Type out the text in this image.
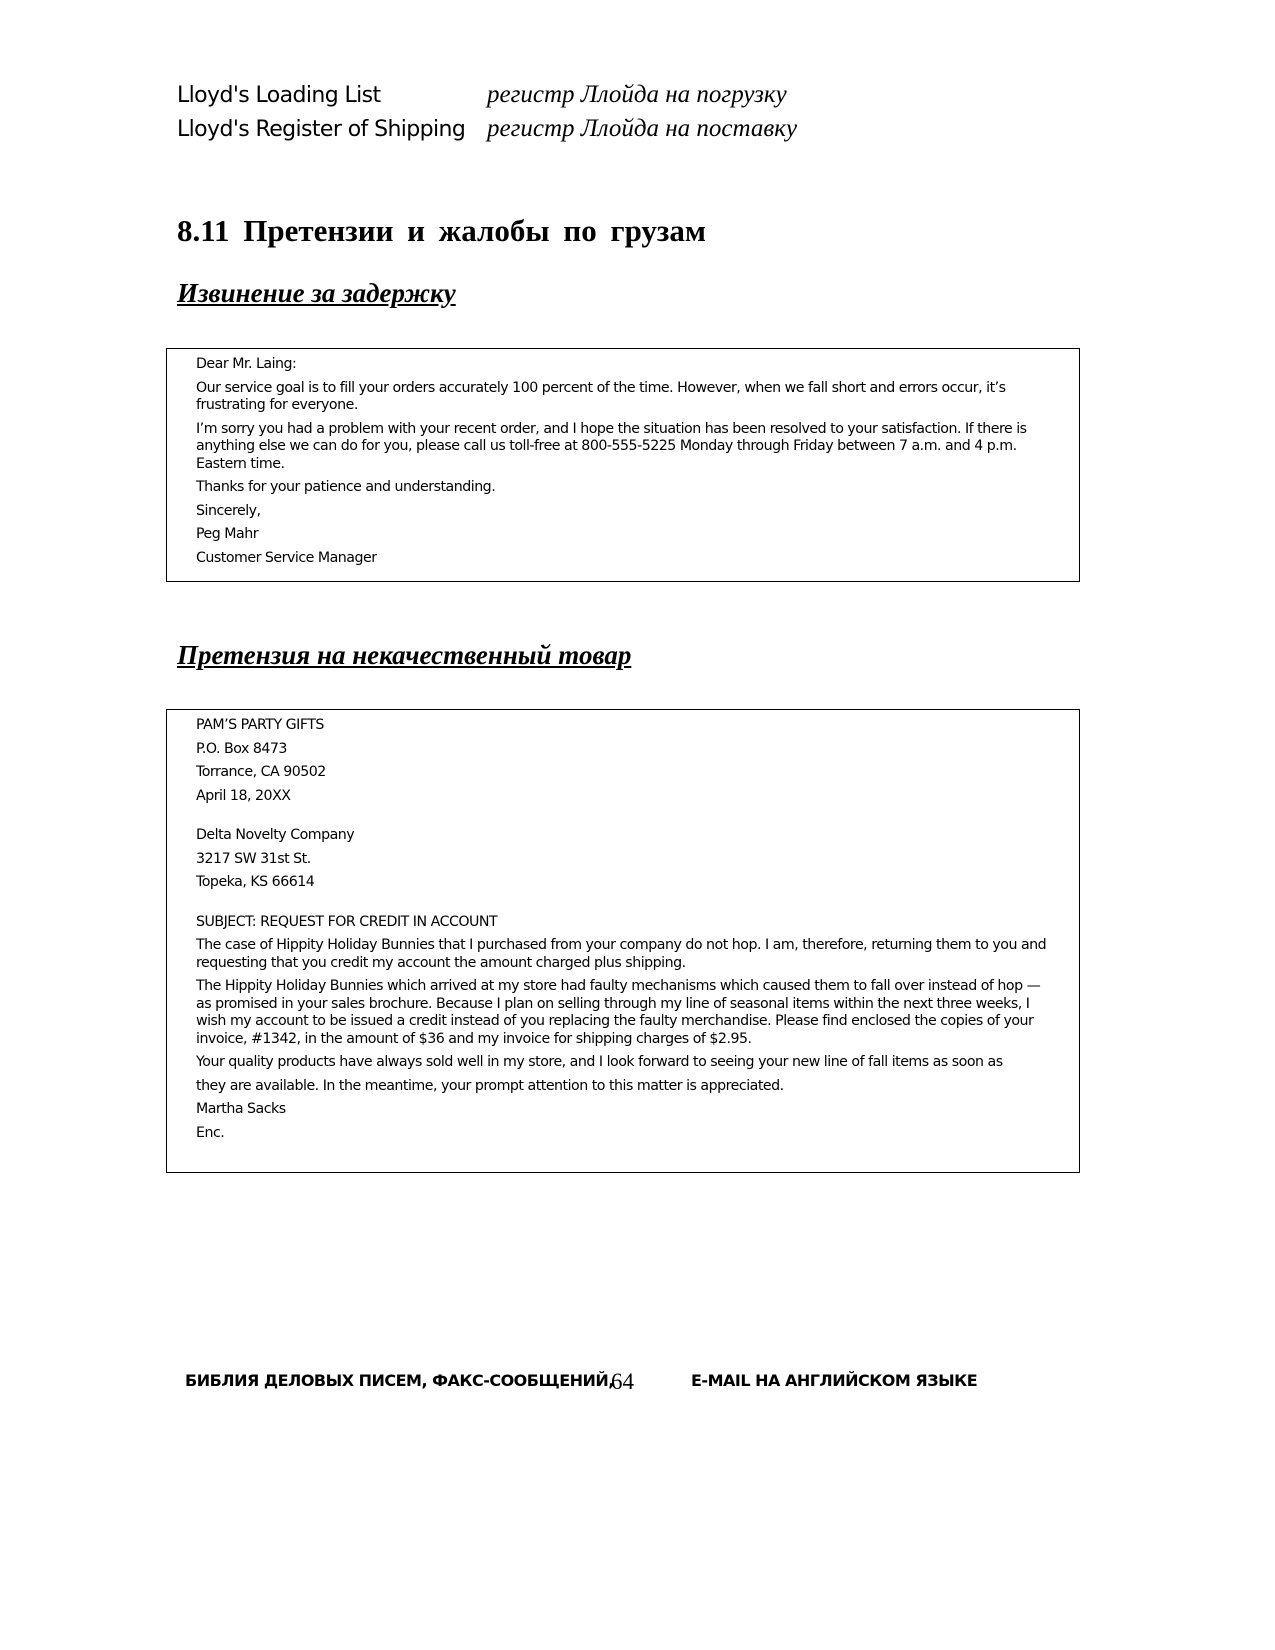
Lloyd's Loading List	регистр Ллойда на погрузку
Lloyd's Register of Shipping регистр Ллойда на поставку
8.11 Претензии и жалобы по грузам
Извинение за задержку

Dear Mr. Laing:

Our service goal is to fill your orders accurately 100 percent of the time. However, when we fall short and errors occur, it’s frustrating for everyone.

I’m sorry you had a problem with your recent order, and I hope the situation has been resolved to your satisfaction. If there is anything else we can do for you, please call us toll-free at 800-555-5225 Monday through Friday between 7 a.m. and 4 p.m. Eastern time.

Thanks for your patience and understanding.

Sincerely,

Peg Mahr

Customer Service Manager

Претензия на некачественный товар

PAM’S PARTY GIFTS

P.O. Box 8473

Torrance, CA 90502

April 18, 20XX

Delta Novelty Company

3217 SW 31st St.

Topeka, KS 66614

SUBJECT: REQUEST FOR CREDIT IN ACCOUNT

The case of Hippity Holiday Bunnies that I purchased from your company do not hop. I am, therefore, returning them to you and requesting that you credit my account the amount charged plus shipping.

The Hippity Holiday Bunnies which arrived at my store had faulty mechanisms which caused them to fall over instead of hop — as promised in your sales brochure. Because I plan on selling through my line of seasonal items within the next three weeks, I wish my account to be issued a credit instead of you replacing the faulty merchandise. Please find enclosed the copies of your invoice, #1342, in the amount of $36 and my invoice for shipping charges of $2.95.

Your quality products have always sold well in my store, and I look forward to seeing your new line of fall items as soon as

they are available. In the meantime, your prompt attention to this matter is appreciated.

Martha Sacks

Enc.

БИБЛИЯ ДЕЛОВЫХ ПИСЕМ, ФАКС-СООБЩЕНИЙ,
64	E-MAIL НА АНГЛИЙСКОМ ЯЗЫКЕ
